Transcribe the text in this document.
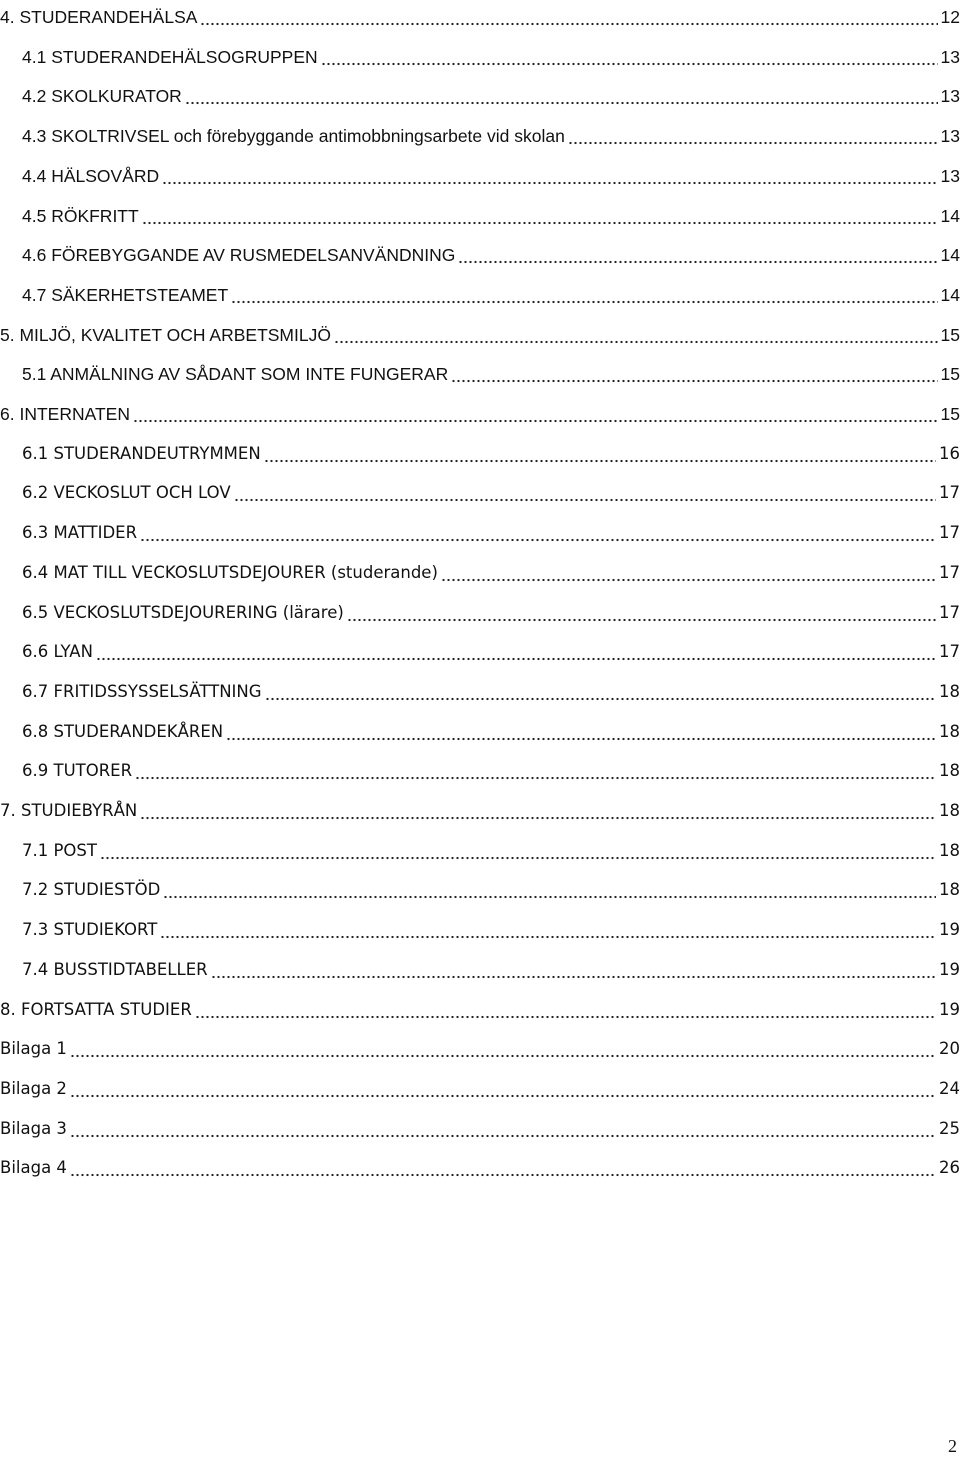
4. STUDERANDEHÄLSA	12
4.1 STUDERANDEHÄLSOGRUPPEN	13
4.2 SKOLKURATOR	13
4.3 SKOLTRIVSEL och förebyggande antimobbningsarbete vid skolan	13
4.4 HÄLSOVÅRD	13
4.5 RÖKFRITT	14
4.6 FÖREBYGGANDE AV RUSMEDELSANVÄNDNING	14
4.7 SÄKERHETSTEAMET	14
5. MILJÖ, KVALITET OCH ARBETSMILJÖ	15
5.1 ANMÄLNING AV SÅDANT SOM INTE FUNGERAR	15
6. INTERNATEN	15
6.1 STUDERANDEUTRYMMEN	16
6.2 VECKOSLUT OCH LOV	17
6.3 MATTIDER	17
6.4 MAT TILL VECKOSLUTSDEJOURER (studerande)	17
6.5 VECKOSLUTSDEJOURERING (lärare)	17
6.6 LYAN	17
6.7 FRITIDSSYSSELSÄTTNING	18
6.8 STUDERANDEKÅREN	18
6.9 TUTORER	18
7. STUDIEBYRÅN	18
7.1 POST	18
7.2 STUDIESTÖD	18
7.3 STUDIEKORT	19
7.4 BUSSTIDTABELLER	19
8. FORTSATTA STUDIER	19
Bilaga 1	20
Bilaga 2	24
Bilaga 3	25
Bilaga 4	26
2
